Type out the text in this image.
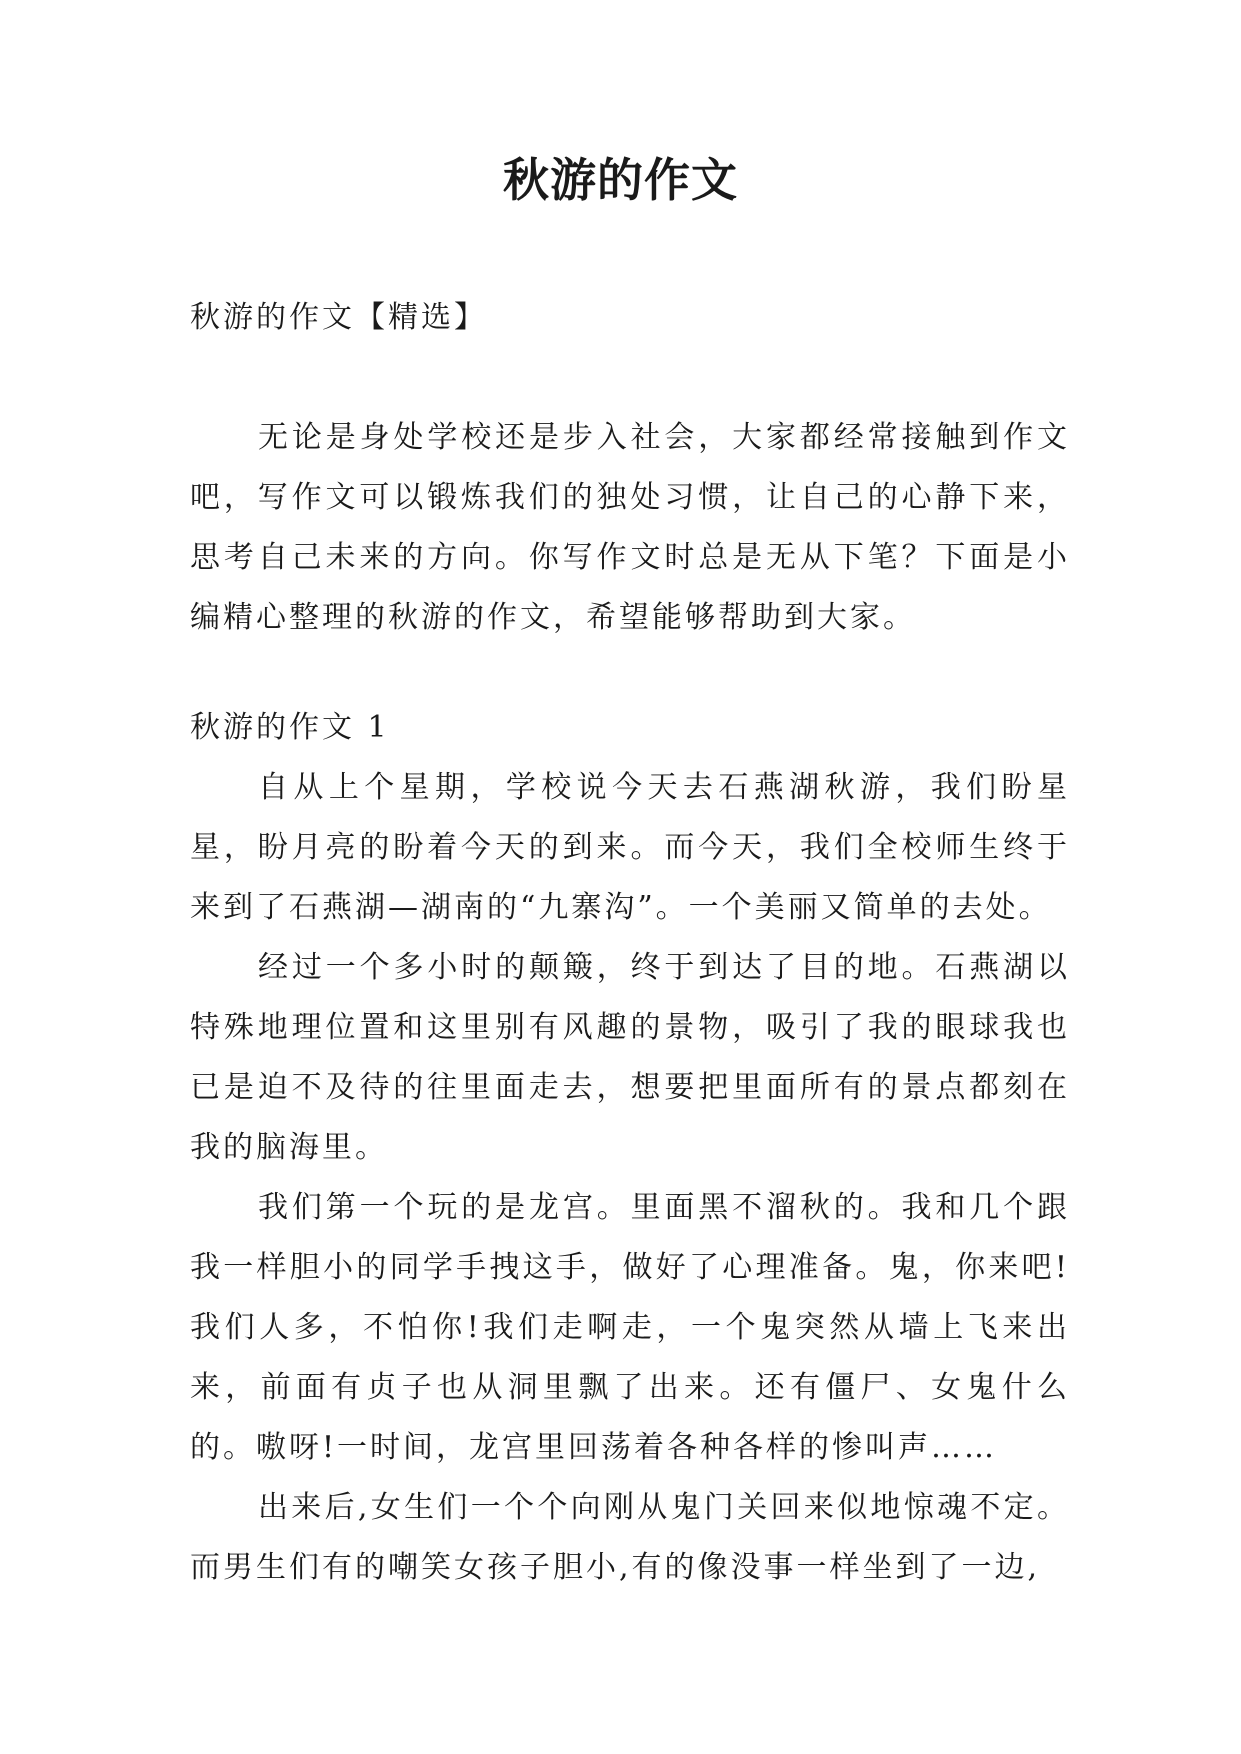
秋游的作文
秋游的作文【精选】

无论是身处学校还是步入社会，大家都经常接触到作文吧，写作文可以锻炼我们的独处习惯，让自己的心静下来，思考自己未来的方向。你写作文时总是无从下笔？下面是小编精心整理的秋游的作文，希望能够帮助到大家。

秋游的作文 1

自从上个星期，学校说今天去石燕湖秋游，我们盼星星，盼月亮的盼着今天的到来。而今天，我们全校师生终于来到了石燕湖—湖南的“九寨沟”。一个美丽又简单的去处。

经过一个多小时的颠簸，终于到达了目的地。石燕湖以特殊地理位置和这里别有风趣的景物，吸引了我的眼球我也已是迫不及待的往里面走去，想要把里面所有的景点都刻在我的脑海里。

我们第一个玩的是龙宫。里面黑不溜秋的。我和几个跟我一样胆小的同学手拽这手，做好了心理准备。鬼，你来吧!我们人多，不怕你!我们走啊走，一个鬼突然从墙上飞来出来，前面有贞子也从洞里飘了出来。还有僵尸、女鬼什么的。嗷呀!一时间，龙宫里回荡着各种各样的惨叫声……

出来后,女生们一个个向刚从鬼门关回来似地惊魂不定。而男生们有的嘲笑女孩子胆小,有的像没事一样坐到了一边,
